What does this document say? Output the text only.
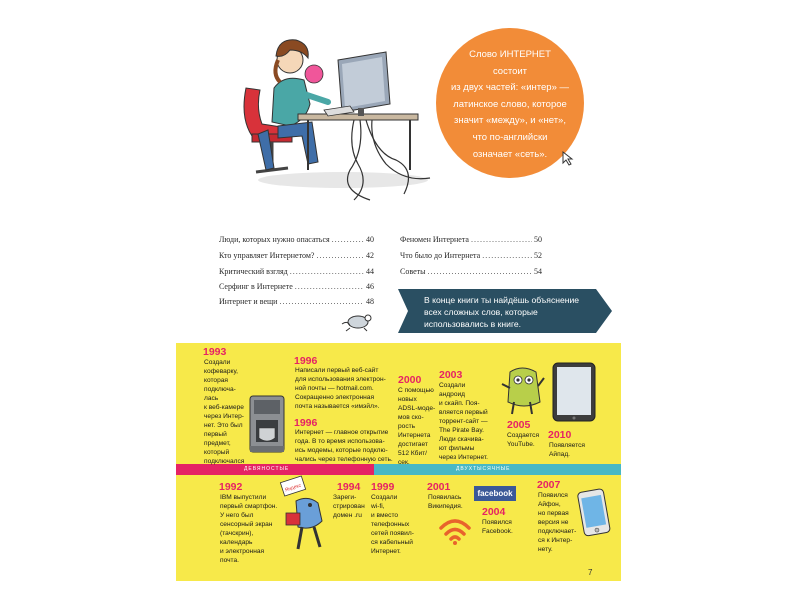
Слово ИНТЕРНЕТ
состоит
из двух частей: «интер» —
латинское слово, которое
значит «между», и «нет»,
что по-английски
означает «сеть».
Люди, которых нужно опасаться .....	40
Кто управляет Интернетом? .....	42
Критический взгляд .....	44
Серфинг в Интернете .....	46
Интернет и вещи .....	48
Феномен Интернета .....	50
Что было до Интернета .....	52
Советы .....	54
В конце книги ты найдёшь объяснение
всех сложных слов, которые
использовались в книге.
ДЕВЯНОСТЫЕ	ДВУХТЫСЯЧНЫЕ
1993
Создали
кофеварку,
которая
подключа-
лась
к веб-камере
через Интер-
нет. Это был
первый
предмет,
который
подключался
1996
Написали первый веб-сайт
для использования электрон-
ной почты — hotmail.com.
Сокращенно электронная
почта называется «имэйл».
1996
Интернет — главное открытие
года. В то время использова-
ись модемы, которые подклю-
чались через телефонную сеть.
2000
С помощью
новых
ADSL-моде-
мов ско-
рость
Интернета
достигает
512 Кбит/
сек.
2003
Создали
андроид
и скайп. Поя-
вляется первый
торрент-сайт —
The Pirate Bay.
Люди скачива-
ют фильмы
через Интернет.
2005
Создается
YouTube.
2010
Появляется
Айпад.
1992
IBM выпустили
первый смартфон.
У него был
сенсорный экран
(тачскрин),
календарь
и электронная
почта.
Яндекс	1994
Зареги-
стрирован
домен .ru
1999
Создали
wi-fi,
и вместо
телефонных
сетей появил-
ся кабельный
Интернет.
2001
Появилась
Википедия.
facebook
2004
Появился
Facebook.
2007
Появился
Айфон,
но первая
версия не
подключает-
ся к Интер-
нету.
7
